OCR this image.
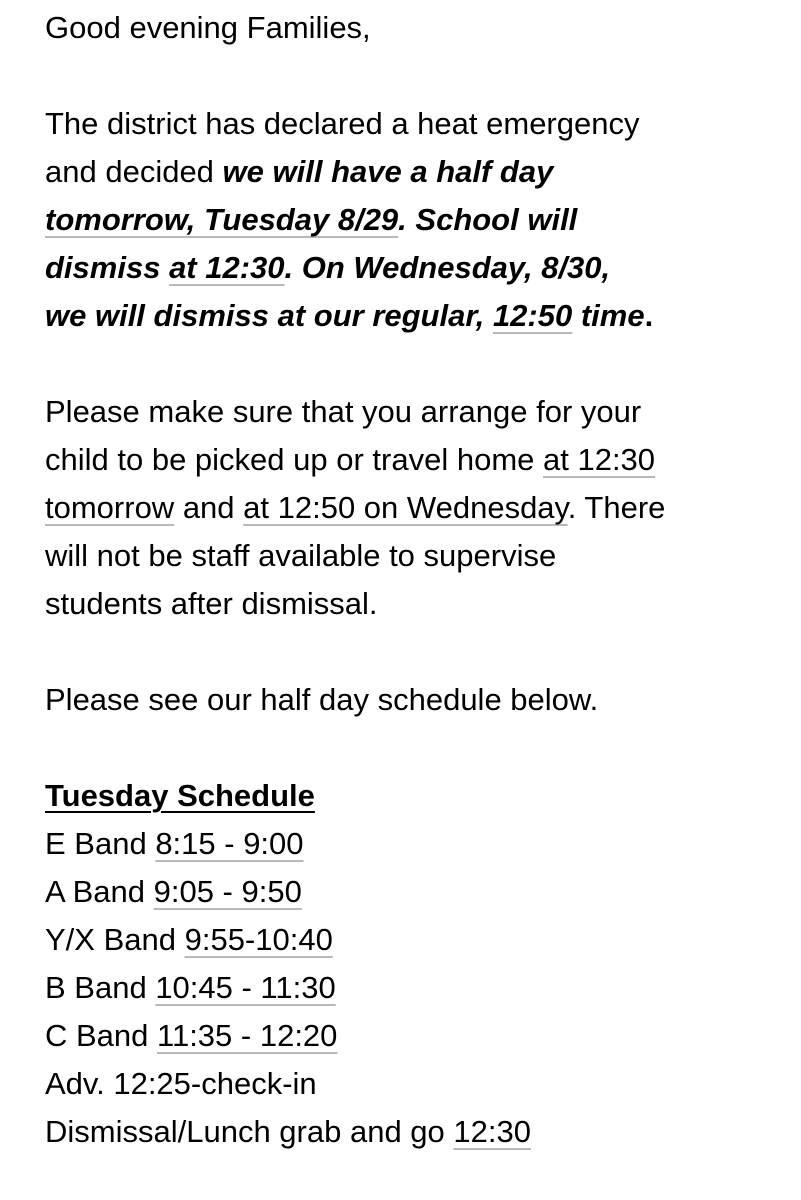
Good evening Families,
The district has declared a heat emergency
and decided we will have a half day
tomorrow, Tuesday 8/29. School will
dismiss at 12:30. On Wednesday, 8/30,
we will dismiss at our regular, 12:50 time.
Please make sure that you arrange for your
child to be picked up or travel home at 12:30
tomorrow and at 12:50 on Wednesday. There
will not be staff available to supervise
students after dismissal.
Please see our half day schedule below.
Tuesday Schedule
E Band 8:15 - 9:00
A Band 9:05 - 9:50
Y/X Band 9:55-10:40
B Band 10:45 - 11:30
C Band 11:35 - 12:20
Adv. 12:25-check-in
Dismissal/Lunch grab and go 12:30
